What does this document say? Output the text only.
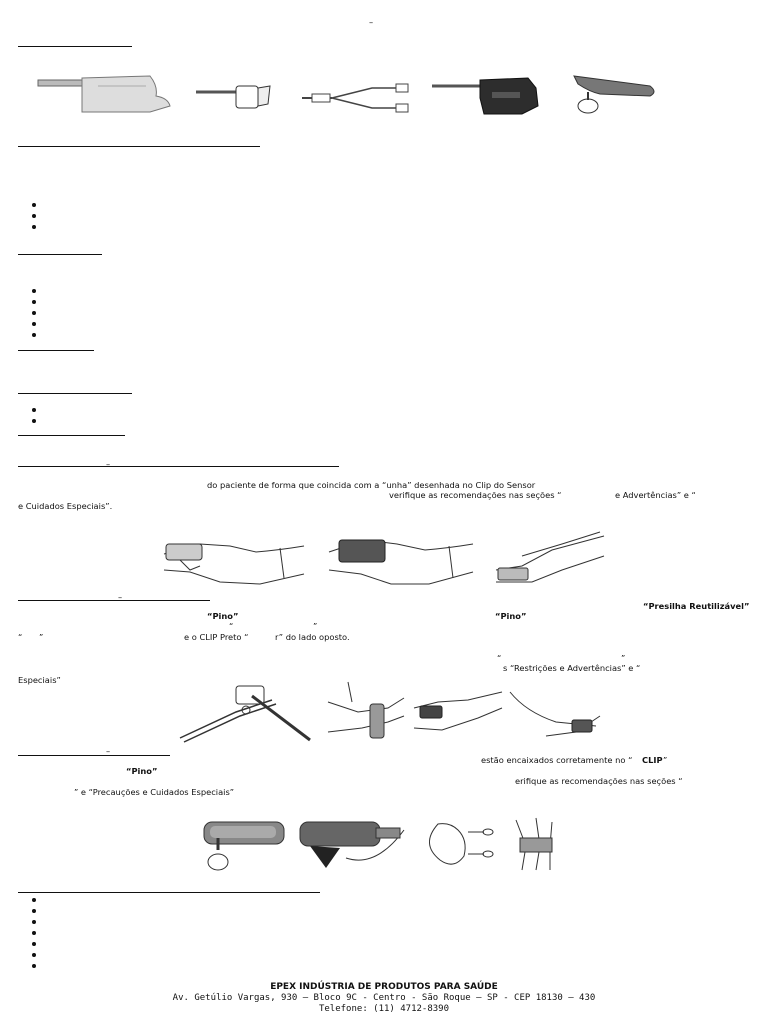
–
–
do paciente de forma que coincida com a “unha” desenhada no Clip do Sensor
verifique as recomendações nas seções “	e Advertências” e “
e Cuidados Especiais”.
–
“Presilha Reutilizável”
“Pino”	“Pino”
“	”
“ ”	e o CLIP Preto “	r” do lado oposto.
“	”
s “Restrições e Advertências” e “
Especiais”
–
estão encaixados corretamente no “ CLIP ”
“Pino”
erifique as recomendações nas seções “
” e “Precauções e Cuidados Especiais”
EPEX INDÚSTRIA DE PRODUTOS PARA SAÚDE
Av. Getúlio Vargas, 930 – Bloco 9C - Centro - São Roque – SP - CEP 18130 – 430
Telefone: (11) 4712-8390
